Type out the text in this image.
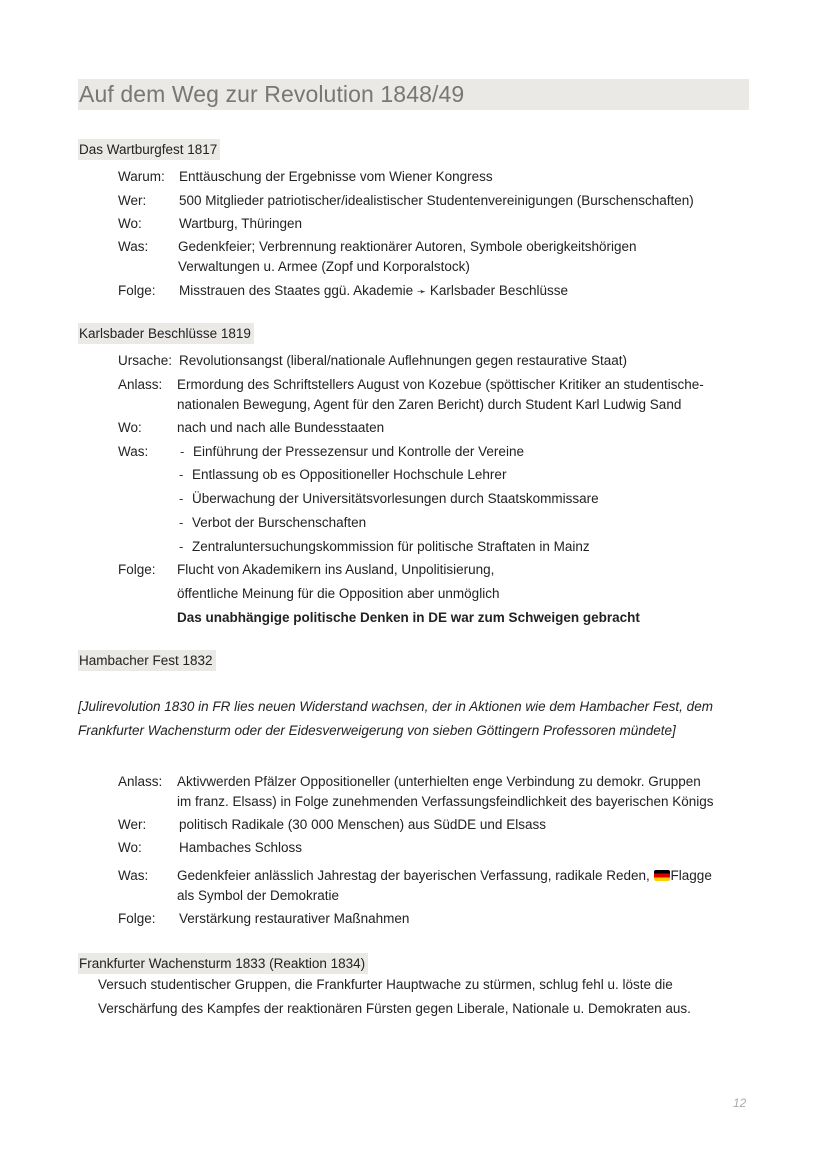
Auf dem Weg zur Revolution 1848/49
Das Wartburgfest 1817
Warum: Enttäuschung der Ergebnisse vom Wiener Kongress
Wer: 500 Mitglieder patriotischer/idealistischer Studentenvereinigungen (Burschenschaften)
Wo:	Wartburg, Thüringen
Was: Gedenkfeier; Verbrennung reaktionärer Autoren, Symbole oberigkeitshörigen
Verwaltungen u. Armee (Zopf und Korporalstock)
Folge: Misstrauen des Staates ggü. Akademie ➛ Karlsbader Beschlüsse
Karlsbader Beschlüsse 1819
Ursache: Revolutionsangst (liberal/nationale Auflehnungen gegen restaurative Staat)
Anlass: Ermordung des Schriftstellers August von Kozebue (spöttischer Kritiker an studentische-
nationalen Bewegung, Agent für den Zaren Bericht) durch Student Karl Ludwig Sand
Wo:	nach und nach alle Bundesstaaten
Was: - Einführung der Pressezensur und Kontrolle der Vereine
- Entlassung ob es Oppositioneller Hochschule Lehrer
- Überwachung der Universitätsvorlesungen durch Staatskommissare
- Verbot der Burschenschaften
- Zentraluntersuchungskommission für politische Straftaten in Mainz
Folge: Flucht von Akademikern ins Ausland, Unpolitisierung,
öffentliche Meinung für die Opposition aber unmöglich
Das unabhängige politische Denken in DE war zum Schweigen gebracht
Hambacher Fest 1832
[Julirevolution 1830 in FR lies neuen Widerstand wachsen, der in Aktionen wie dem Hambacher Fest, dem
Frankfurter Wachensturm oder der Eidesverweigerung von sieben Göttingern Professoren mündete]
Anlass: Aktivwerden Pfälzer Oppositioneller (unterhielten enge Verbindung zu demokr. Gruppen
im franz. Elsass) in Folge zunehmenden Verfassungsfeindlichkeit des bayerischen Königs
Wer: politisch Radikale (30 000 Menschen) aus SüdDE und Elsass
Wo:	Hambaches Schloss
Was: Gedenkfeier anlässlich Jahrestag der bayerischen Verfassung, radikale Reden, Flagge
als Symbol der Demokratie
Folge: Verstärkung restaurativer Maßnahmen
Frankfurter Wachensturm 1833 (Reaktion 1834)
Versuch studentischer Gruppen, die Frankfurter Hauptwache zu stürmen, schlug fehl u. löste die
Verschärfung des Kampfes der reaktionären Fürsten gegen Liberale, Nationale u. Demokraten aus.
12
